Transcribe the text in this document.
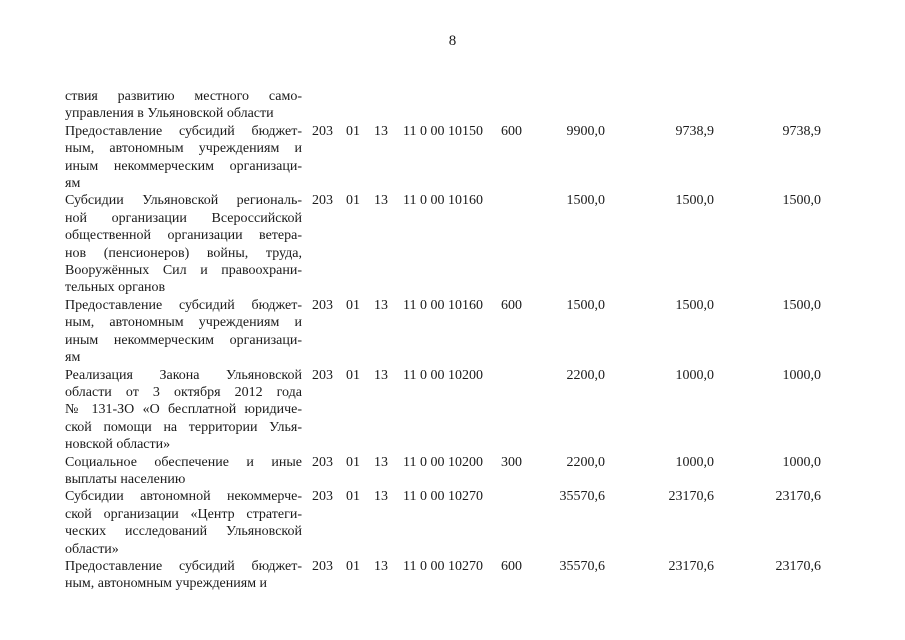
8
ствия развитию местного само-
управления в Ульяновской области
Предоставление субсидий бюджет-
ным, автономным учреждениям и
иным некоммерческим организаци-
ям
203 01 13 11 0 00 10150 600	9900,0	9738,9	9738,9
Субсидии Ульяновской региональ-
ной организации Всероссийской
общественной организации ветера-
нов (пенсионеров) войны, труда,
Вооружённых Сил и правоохрани-
тельных органов
203 01 13 11 0 00 10160	1500,0	1500,0	1500,0
Предоставление субсидий бюджет-
ным, автономным учреждениям и
иным некоммерческим организаци-
ям
203 01 13 11 0 00 10160 600	1500,0	1500,0	1500,0
Реализация Закона Ульяновской
области от 3 октября 2012 года
№ 131-ЗО «О бесплатной юридиче-
ской помощи на территории Улья-
новской области»
203 01 13 11 0 00 10200	2200,0	1000,0	1000,0
Социальное обеспечение и иные
выплаты населению
203 01 13 11 0 00 10200 300	2200,0	1000,0	1000,0
Субсидии автономной некоммерче-
ской организации «Центр стратеги-
ческих исследований Ульяновской
области»
203 01 13 11 0 00 10270	35570,6	23170,6	23170,6
Предоставление субсидий бюджет-
ным, автономным учреждениям и
203 01 13 11 0 00 10270 600	35570,6	23170,6	23170,6
